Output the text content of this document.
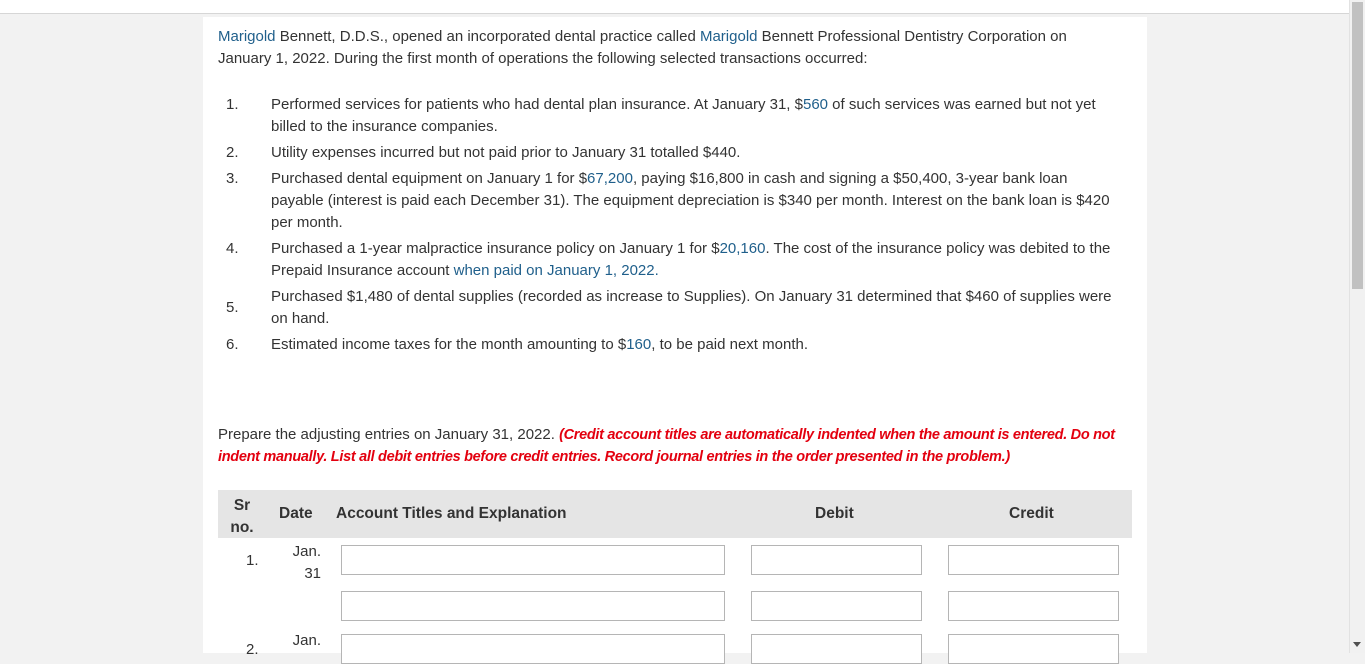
Marigold Bennett, D.D.S., opened an incorporated dental practice called Marigold Bennett Professional Dentistry Corporation on January 1, 2022. During the first month of operations the following selected transactions occurred:
1. Performed services for patients who had dental plan insurance. At January 31, $560 of such services was earned but not yet billed to the insurance companies.
2. Utility expenses incurred but not paid prior to January 31 totalled $440.
3. Purchased dental equipment on January 1 for $67,200, paying $16,800 in cash and signing a $50,400, 3-year bank loan payable (interest is paid each December 31). The equipment depreciation is $340 per month. Interest on the bank loan is $420 per month.
4. Purchased a 1-year malpractice insurance policy on January 1 for $20,160. The cost of the insurance policy was debited to the Prepaid Insurance account when paid on January 1, 2022.
5.
Purchased $1,480 of dental supplies (recorded as increase to Supplies). On January 31 determined that $460 of supplies were on hand.
6. Estimated income taxes for the month amounting to $160, to be paid next month.
Prepare the adjusting entries on January 31, 2022. (Credit account titles are automatically indented when the amount is entered. Do not indent manually. List all debit entries before credit entries. Record journal entries in the order presented in the problem.)
Sr
no.
Date Account Titles and Explanation	Debit	Credit
1.
Jan.
31
2.
Jan.
